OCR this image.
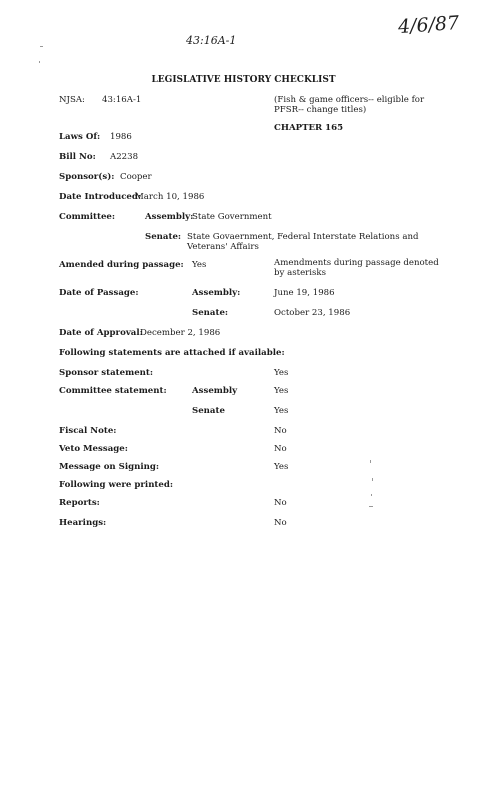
43:16A-1
4/6/87
LEGISLATIVE HISTORY CHECKLIST
NJSA: 43:16A-1	(Fish & game officers-- eligible for PFSR-- change titles)
CHAPTER 165
Laws Of: 1986
Bill No: A2238
Sponsor(s): Cooper
Date Introduced:
March 10, 1986
Committee:	Assembly:
State Government
Senate: State Govaernment, Federal Interstate Relations and
Veterans' Affairs
Amended during passage: Yes	Amendments during passage denoted
by asterisks
Date of Passage:	Assembly:	June 19, 1986
Senate:	October 23, 1986
Date of Approval:
December 2, 1986
Following statements are attached if available:
Sponsor statement:	Yes
Committee statement:	Assembly	Yes
Senate	Yes
Fiscal Note:	No
Veto Message:	No
Message on Signing:	Yes
Following were printed:
Reports:	No
Hearings:	No
